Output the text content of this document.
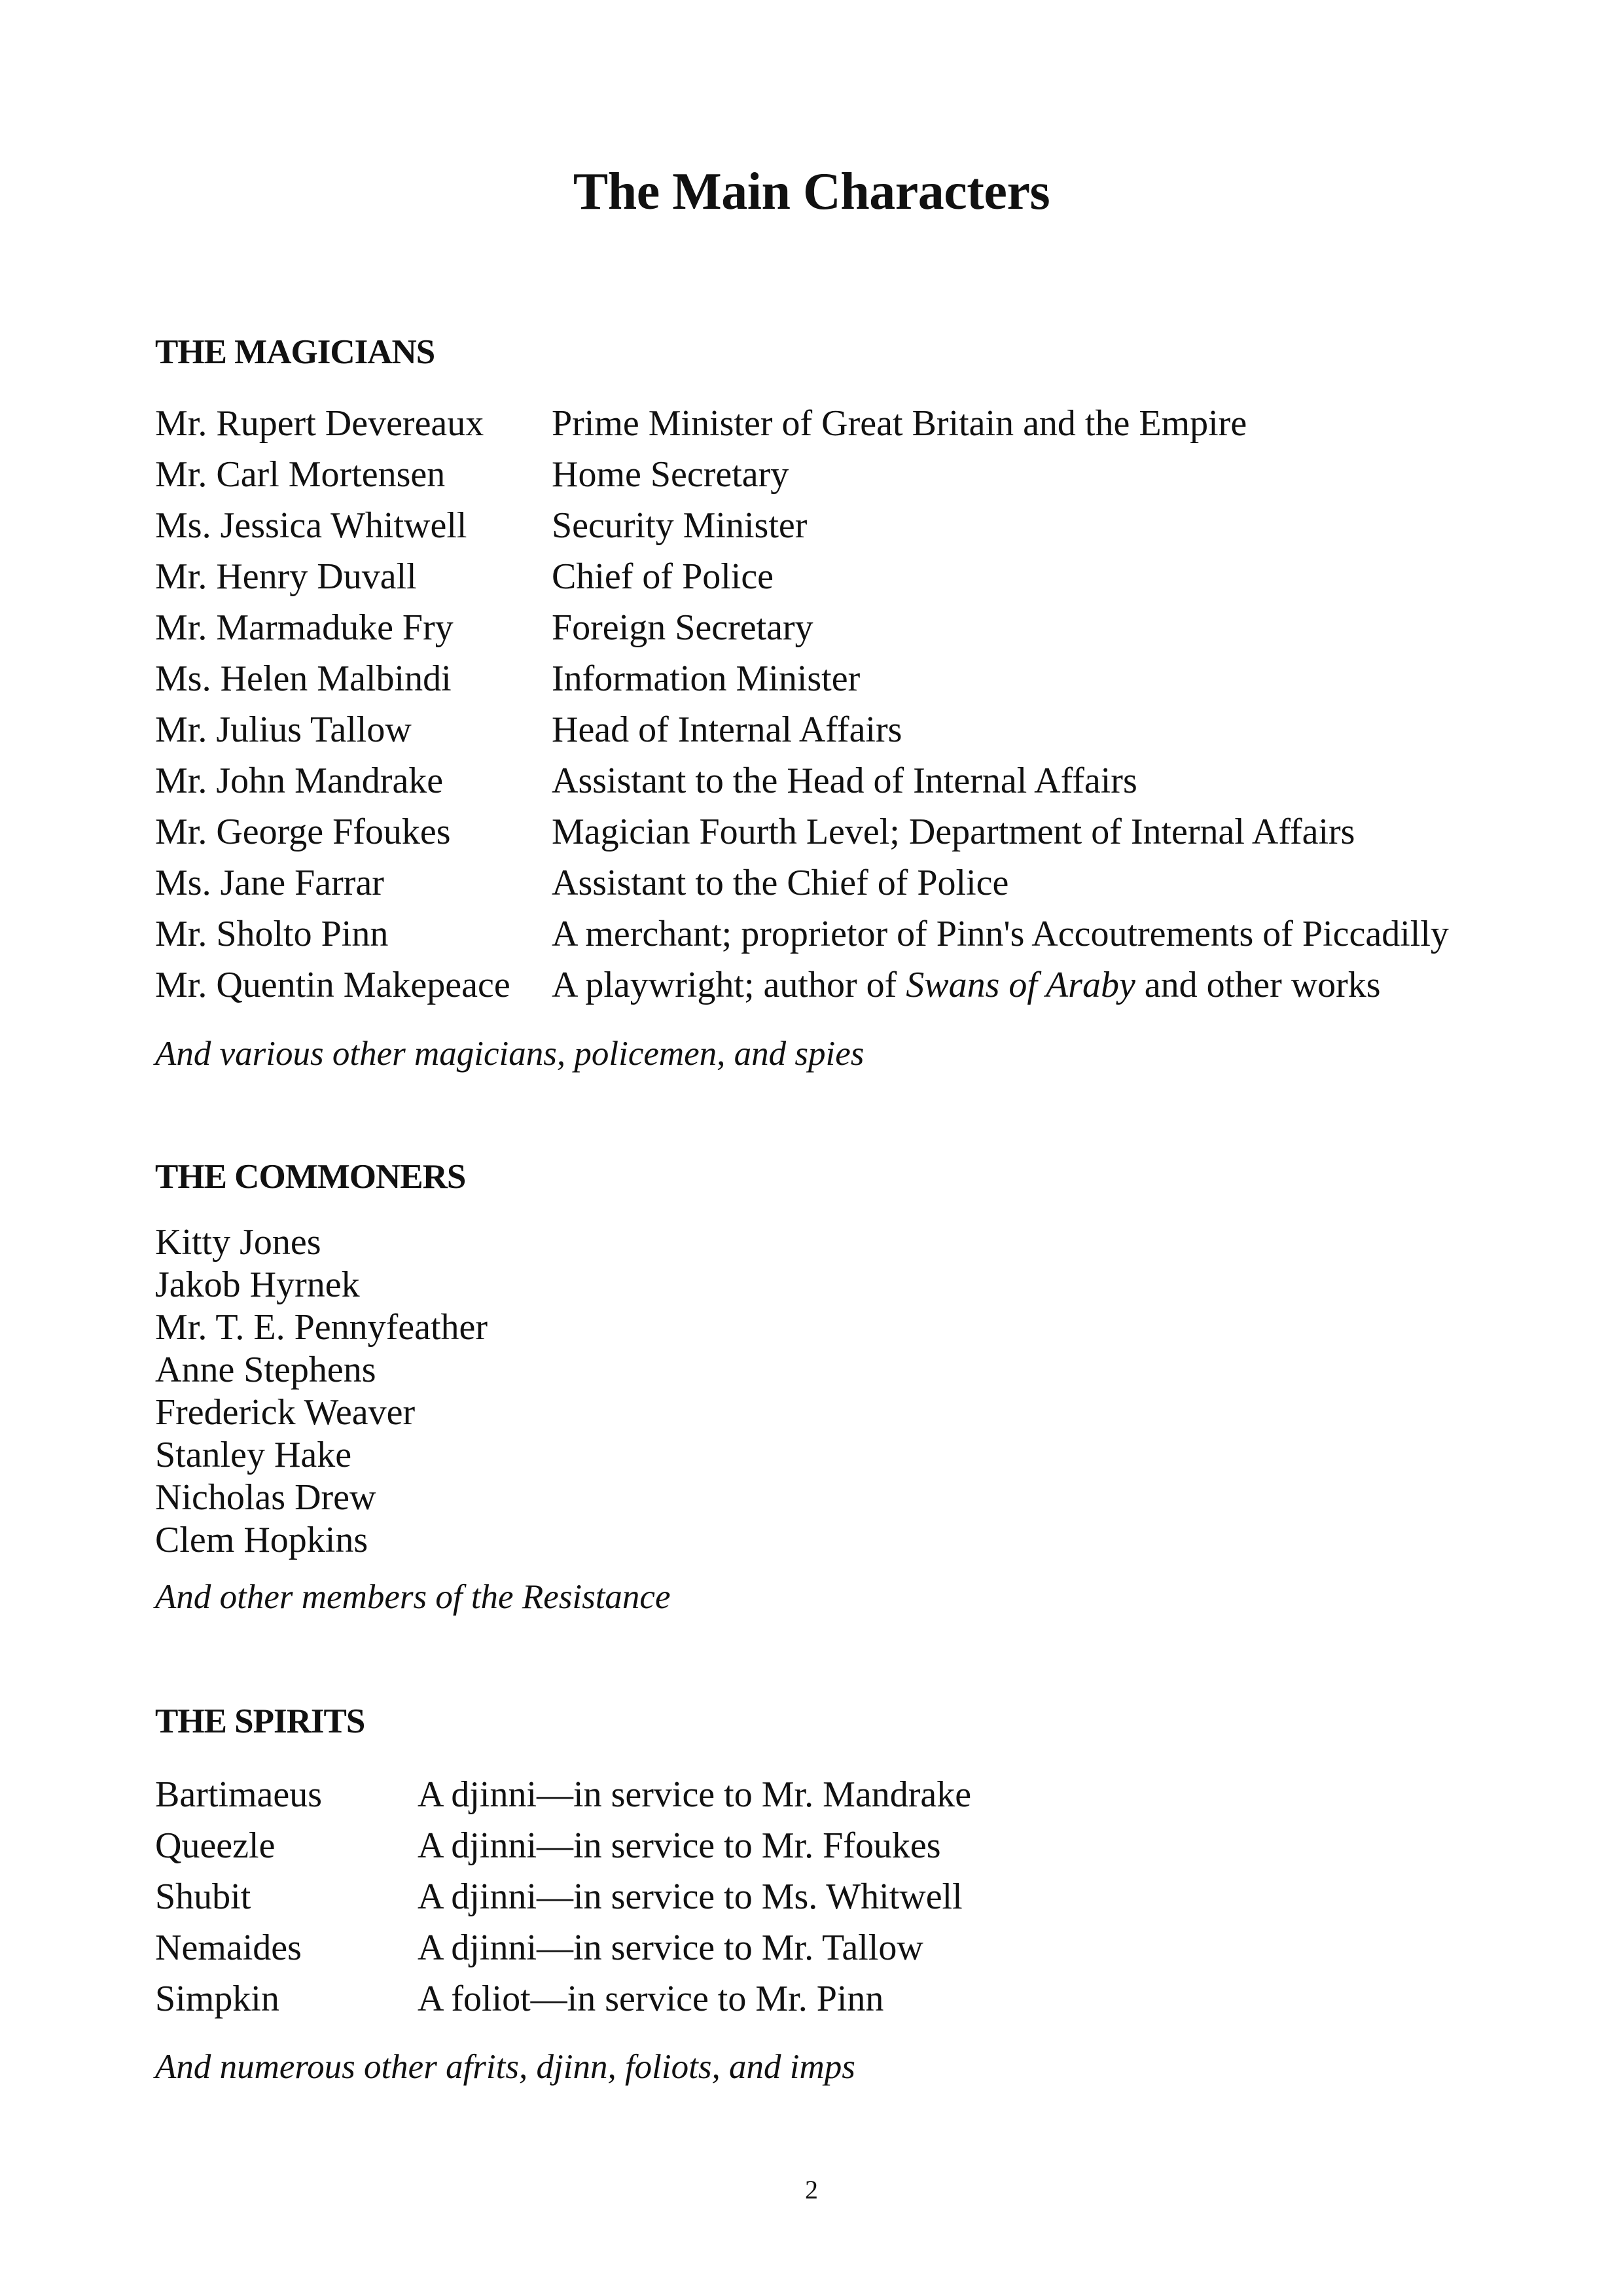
The Main Characters
THE MAGICIANS
Mr. Rupert Devereaux Prime Minister of Great Britain and the Empire
Mr. Carl Mortensen	Home Secretary
Ms. Jessica Whitwell Security Minister
Mr. Henry Duvall	Chief of Police
Mr. Marmaduke Fry	Foreign Secretary
Ms. Helen Malbindi	Information Minister
Mr. Julius Tallow	Head of Internal Affairs
Mr. John Mandrake	Assistant to the Head of Internal Affairs
Mr. George Ffoukes	Magician Fourth Level; Department of Internal Affairs
Ms. Jane Farrar	Assistant to the Chief of Police
Mr. Sholto Pinn	A merchant; proprietor of Pinn's Accoutrements of Piccadilly
Mr. Quentin Makepeace A playwright; author of Swans of Araby and other works
And various other magicians, policemen, and spies
THE COMMONERS
Kitty Jones
Jakob Hyrnek
Mr. T. E. Pennyfeather
Anne Stephens
Frederick Weaver
Stanley Hake
Nicholas Drew
Clem Hopkins
And other members of the Resistance
THE SPIRITS
Bartimaeus	A djinni—in service to Mr. Mandrake
Queezle	A djinni—in service to Mr. Ffoukes
Shubit	A djinni—in service to Ms. Whitwell
Nemaides	A djinni—in service to Mr. Tallow
Simpkin	A foliot—in service to Mr. Pinn
And numerous other afrits, djinn, foliots, and imps
2
